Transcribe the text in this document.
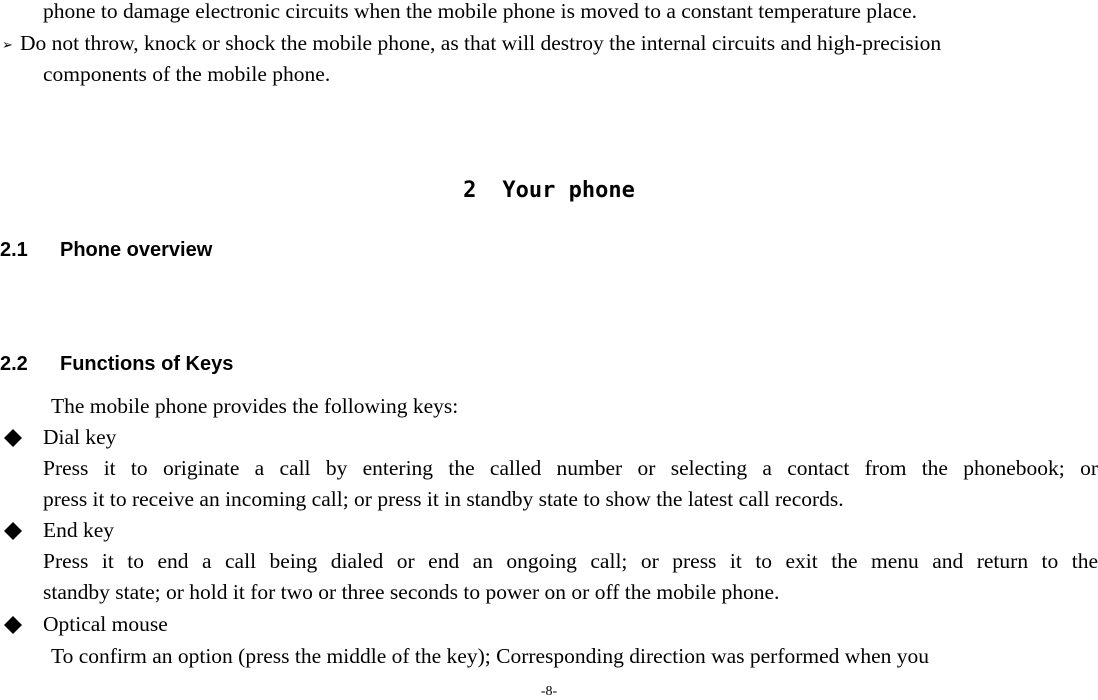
phone to damage electronic circuits when the mobile phone is moved to a constant temperature place.
➢ Do not throw, knock or shock the mobile phone, as that will destroy the internal circuits and high-precision
components of the mobile phone.
2 Your phone
2.1 Phone overview
2.2 Functions of Keys
The mobile phone provides the following keys:
Dial key
Press it to originate a call by entering the called number or selecting a contact from the phonebook; or
press it to receive an incoming call; or press it in standby state to show the latest call records.
End key
Press it to end a call being dialed or end an ongoing call; or press it to exit the menu and return to the
standby state; or hold it for two or three seconds to power on or off the mobile phone.
Optical mouse
To confirm an option (press the middle of the key); Corresponding direction was performed when you
-8-
